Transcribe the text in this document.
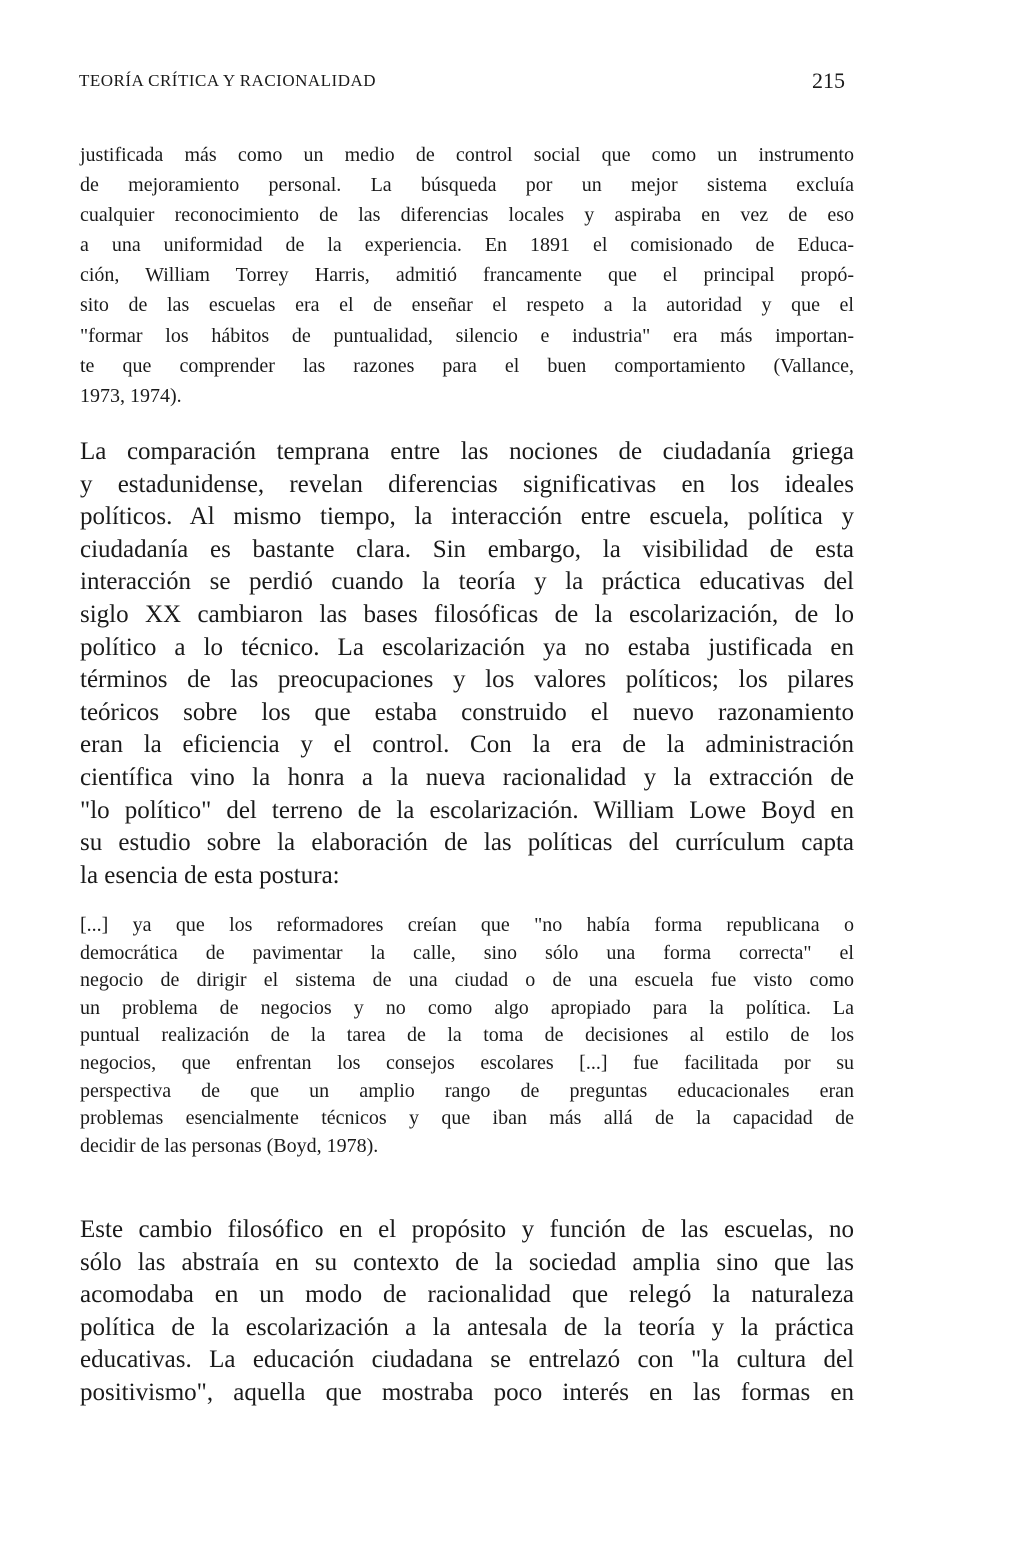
TEORÍA CRÍTICA Y RACIONALIDAD	215

justificada más como un medio de control social que como un instrumento
de mejoramiento personal. La búsqueda por un mejor sistema excluía
cualquier reconocimiento de las diferencias locales y aspiraba en vez de eso
a una uniformidad de la experiencia. En 1891 el comisionado de Educa-
ción, William Torrey Harris, admitió francamente que el principal propó-
sito de las escuelas era el de enseñar el respeto a la autoridad y que el
"formar los hábitos de puntualidad, silencio e industria" era más importan-
te que comprender las razones para el buen comportamiento (Vallance,
1973, 1974).

La comparación temprana entre las nociones de ciudadanía griega
y estadunidense, revelan diferencias significativas en los ideales
políticos. Al mismo tiempo, la interacción entre escuela, política y
ciudadanía es bastante clara. Sin embargo, la visibilidad de esta
interacción se perdió cuando la teoría y la práctica educativas del
siglo XX cambiaron las bases filosóficas de la escolarización, de lo
político a lo técnico. La escolarización ya no estaba justificada en
términos de las preocupaciones y los valores políticos; los pilares
teóricos sobre los que estaba construido el nuevo razonamiento
eran la eficiencia y el control. Con la era de la administración
científica vino la honra a la nueva racionalidad y la extracción de
"lo político" del terreno de la escolarización. William Lowe Boyd en
su estudio sobre la elaboración de las políticas del currículum capta
la esencia de esta postura:

[...] ya que los reformadores creían que "no había forma republicana o
democrática de pavimentar la calle, sino sólo una forma correcta" el
negocio de dirigir el sistema de una ciudad o de una escuela fue visto como
un problema de negocios y no como algo apropiado para la política. La
puntual realización de la tarea de la toma de decisiones al estilo de los
negocios, que enfrentan los consejos escolares [...] fue facilitada por su
perspectiva de que un amplio rango de preguntas educacionales eran
problemas esencialmente técnicos y que iban más allá de la capacidad de
decidir de las personas (Boyd, 1978).

Este cambio filosófico en el propósito y función de las escuelas, no
sólo las abstraía en su contexto de la sociedad amplia sino que las
acomodaba en un modo de racionalidad que relegó la naturaleza
política de la escolarización a la antesala de la teoría y la práctica
educativas. La educación ciudadana se entrelazó con "la cultura del
positivismo", aquella que mostraba poco interés en las formas en
